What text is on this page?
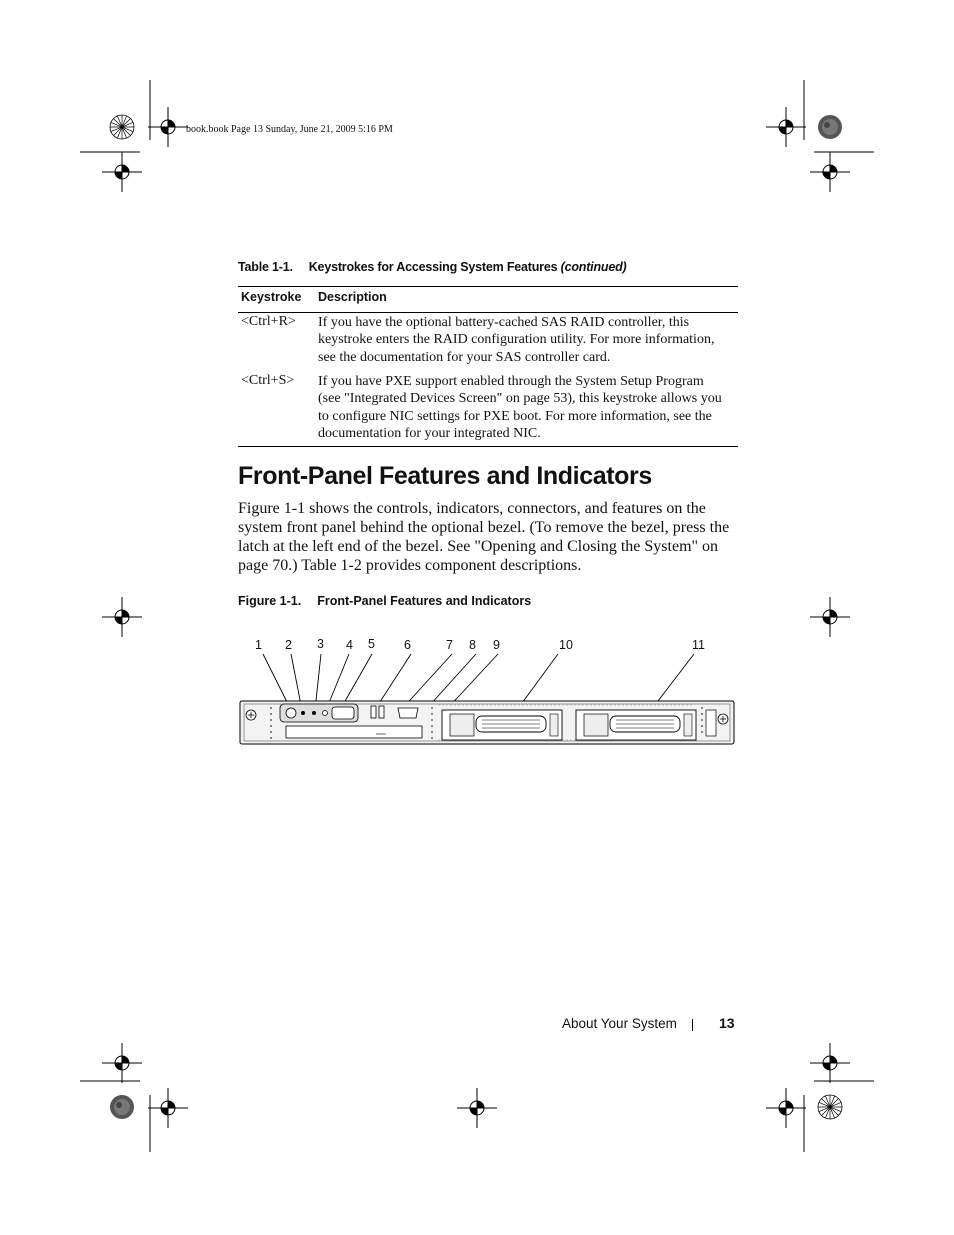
book.book Page 13 Sunday, June 21, 2009 5:16 PM
Table 1-1. Keystrokes for Accessing System Features (continued)
Keystroke Description
<Ctrl+R> If you have the optional battery-cached SAS RAID controller, this
keystroke enters the RAID configuration utility. For more information,
see the documentation for your SAS controller card.
<Ctrl+S> If you have PXE support enabled through the System Setup Program
(see "Integrated Devices Screen" on page 53), this keystroke allows you
to configure NIC settings for PXE boot. For more information, see the
documentation for your integrated NIC.
Front-Panel Features and Indicators
Figure 1-1 shows the controls, indicators, connectors, and features on the
system front panel behind the optional bezel. (To remove the bezel, press the
latch at the left end of the bezel. See "Opening and Closing the System" on
page 70.) Table 1-2 provides component descriptions.
Figure 1-1. Front-Panel Features and Indicators
1 2 3 4 5 6	7 8 9	10	11
About Your System	13
